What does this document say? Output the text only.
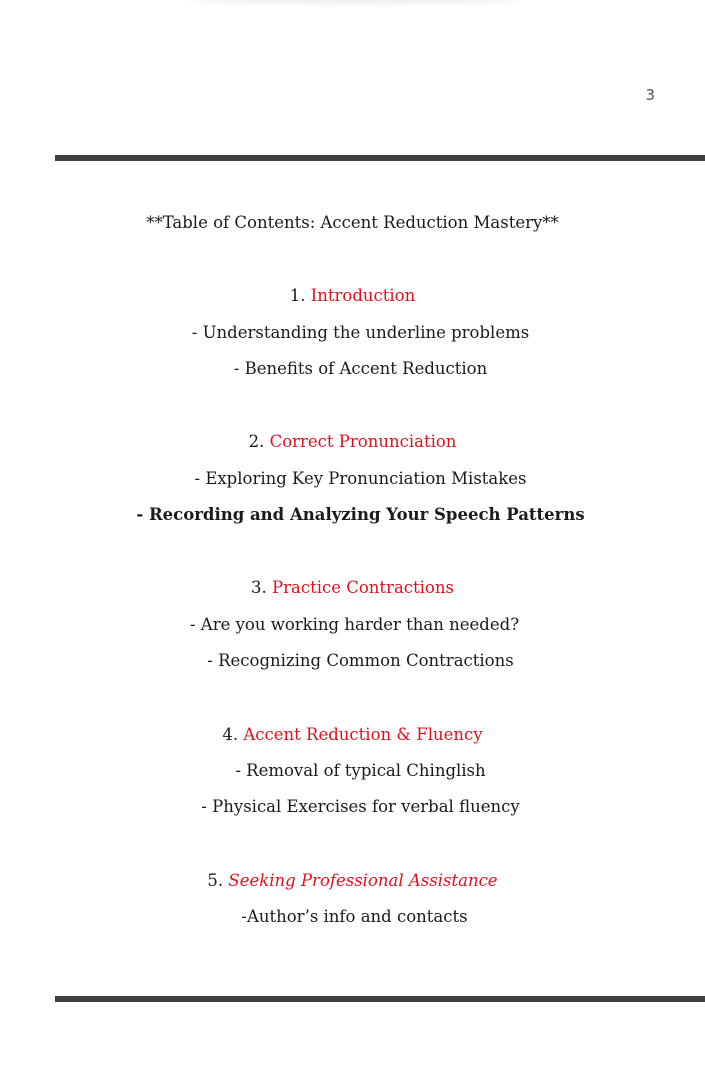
3
**Table of Contents: Accent Reduction Mastery**
1. Introduction
- Understanding the underline problems
- Benefits of Accent Reduction
2. Correct Pronunciation
- Exploring Key Pronunciation Mistakes
- Recording and Analyzing Your Speech Patterns
3. Practice Contractions
- Are you working harder than needed?
- Recognizing Common Contractions
4. Accent Reduction & Fluency
- Removal of typical Chinglish
- Physical Exercises for verbal fluency
5. Seeking Professional Assistance
-Author’s info and contacts
